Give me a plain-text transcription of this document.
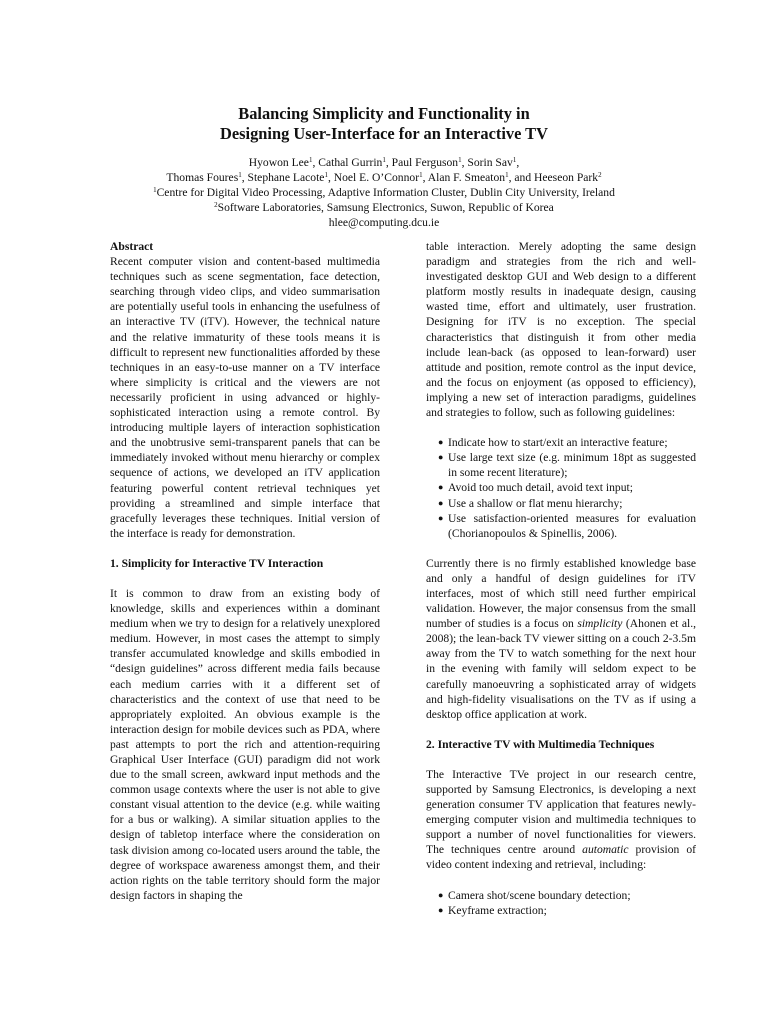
Balancing Simplicity and Functionality in
Designing User-Interface for an Interactive TV
Hyowon Lee$^1$, Cathal Gurrin$^1$, Paul Ferguson$^1$, Sorin Sav$^1$,
Thomas Foures$^1$, Stephane Lacote$^1$, Noel E. O’Connor$^1$, Alan F. Smeaton$^1$, and Heeseon Park$^2$
$^1$Centre for Digital Video Processing, Adaptive Information Cluster, Dublin City University, Ireland
$^2$Software Laboratories, Samsung Electronics, Suwon, Republic of Korea
hlee@computing.dcu.ie

Abstract

Recent computer vision and content-based multimedia techniques such as scene segmentation, face detection, searching through video clips, and video summarisation are potentially useful tools in enhancing the usefulness of an interactive TV (iTV). However, the technical nature and the relative immaturity of these tools means it is difficult to represent new functionalities afforded by these techniques in an easy-to-use manner on a TV interface where simplicity is critical and the viewers are not necessarily proficient in using advanced or highly-sophisticated interaction using a remote control. By introducing multiple layers of interaction sophistication and the unobtrusive semi-transparent panels that can be immediately invoked without menu hierarchy or complex sequence of actions, we developed an iTV application featuring powerful content retrieval techniques yet providing a streamlined and simple interface that gracefully leverages these techniques. Initial version of the interface is ready for demonstration.

1. Simplicity for Interactive TV Interaction

It is common to draw from an existing body of knowledge, skills and experiences within a dominant medium when we try to design for a relatively unexplored medium. However, in most cases the attempt to simply transfer accumulated knowledge and skills embodied in “design guidelines” across different media fails because each medium carries with it a different set of characteristics and the context of use that need to be appropriately exploited. An obvious example is the interaction design for mobile devices such as PDA, where past attempts to port the rich and attention-requiring Graphical User Interface (GUI) paradigm did not work due to the small screen, awkward input methods and the common usage contexts where the user is not able to give constant visual attention to the device (e.g. while waiting for a bus or walking). A similar situation applies to the design of tabletop interface where the consideration on task division among co-located users around the table, the degree of workspace awareness amongst them, and their action rights on the table territory should form the major design factors in shaping the

table interaction. Merely adopting the same design paradigm and strategies from the rich and well-investigated desktop GUI and Web design to a different platform mostly results in inadequate design, causing wasted time, effort and ultimately, user frustration. Designing for iTV is no exception. The special characteristics that distinguish it from other media include lean-back (as opposed to lean-forward) user attitude and position, remote control as the input device, and the focus on enjoyment (as opposed to efficiency), implying a new set of interaction paradigms, guidelines and strategies to follow, such as following guidelines:

● Indicate how to start/exit an interactive feature;
● Use large text size (e.g. minimum 18pt as suggested in some recent literature);
● Avoid too much detail, avoid text input;
● Use a shallow or flat menu hierarchy;
● Use satisfaction-oriented measures for evaluation (Chorianopoulos & Spinellis, 2006).

Currently there is no firmly established knowledge base and only a handful of design guidelines for iTV interfaces, most of which still need further empirical validation. However, the major consensus from the small number of studies is a focus on simplicity (Ahonen et al., 2008); the lean-back TV viewer sitting on a couch 2-3.5m away from the TV to watch something for the next hour in the evening with family will seldom expect to be carefully manoeuvring a sophisticated array of widgets and high-fidelity visualisations on the TV as if using a desktop office application at work.

2. Interactive TV with Multimedia Techniques

The Interactive TVe project in our research centre, supported by Samsung Electronics, is developing a next generation consumer TV application that features newly-emerging computer vision and multimedia techniques to support a number of novel functionalities for viewers. The techniques centre around automatic provision of video content indexing and retrieval, including:

● Camera shot/scene boundary detection;
● Keyframe extraction;
